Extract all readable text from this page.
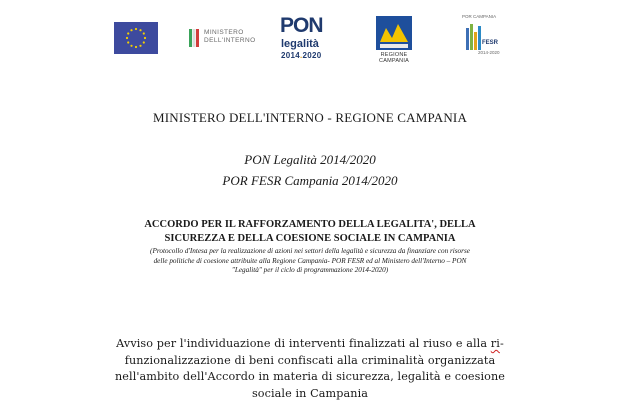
MINISTERO
DELL'INTERNO
PON
legalità
2014.2020	REGIONE CAMPANIA
POR CAMPANIA
FESR
2014-2020
MINISTERO DELL'INTERNO - REGIONE CAMPANIA
PON Legalità 2014/2020
POR FESR Campania 2014/2020
ACCORDO PER IL RAFFORZAMENTO DELLA LEGALITA', DELLA
SICUREZZA E DELLA COESIONE SOCIALE IN CAMPANIA
(Protocollo d'Intesa per la realizzazione di azioni nei settori della legalità e sicurezza da finanziare con risorse
delle politiche di coesione attribuite alla Regione Campania- POR FESR ed al Ministero dell'Interno – PON
"Legalità" per il ciclo di programmazione 2014-2020)
Avviso per l'individuazione di interventi finalizzati al riuso e alla ri-
funzionalizzazione di beni confiscati alla criminalità organizzata
nell'ambito dell'Accordo in materia di sicurezza, legalità e coesione
sociale in Campania
